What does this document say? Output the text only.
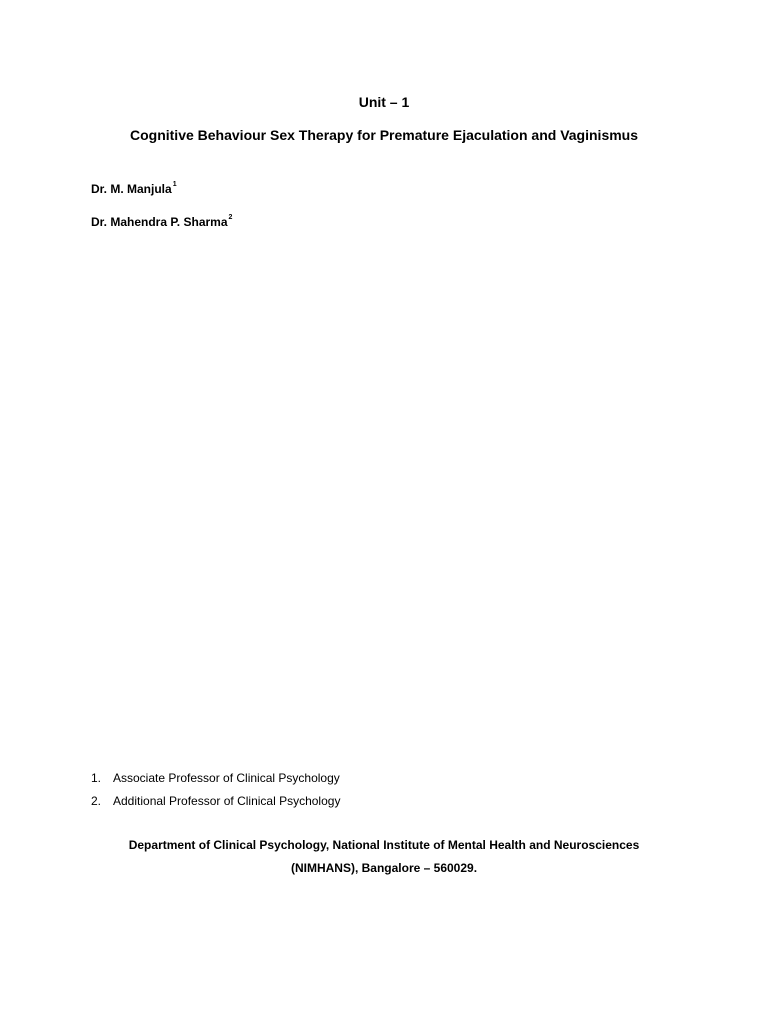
Unit – 1
Cognitive Behaviour Sex Therapy for Premature Ejaculation and Vaginismus
Dr. M. Manjula$^1$
Dr. Mahendra P. Sharma$^2$
1. Associate Professor of Clinical Psychology
2. Additional Professor of Clinical Psychology
Department of Clinical Psychology, National Institute of Mental Health and Neurosciences
(NIMHANS), Bangalore – 560029.
